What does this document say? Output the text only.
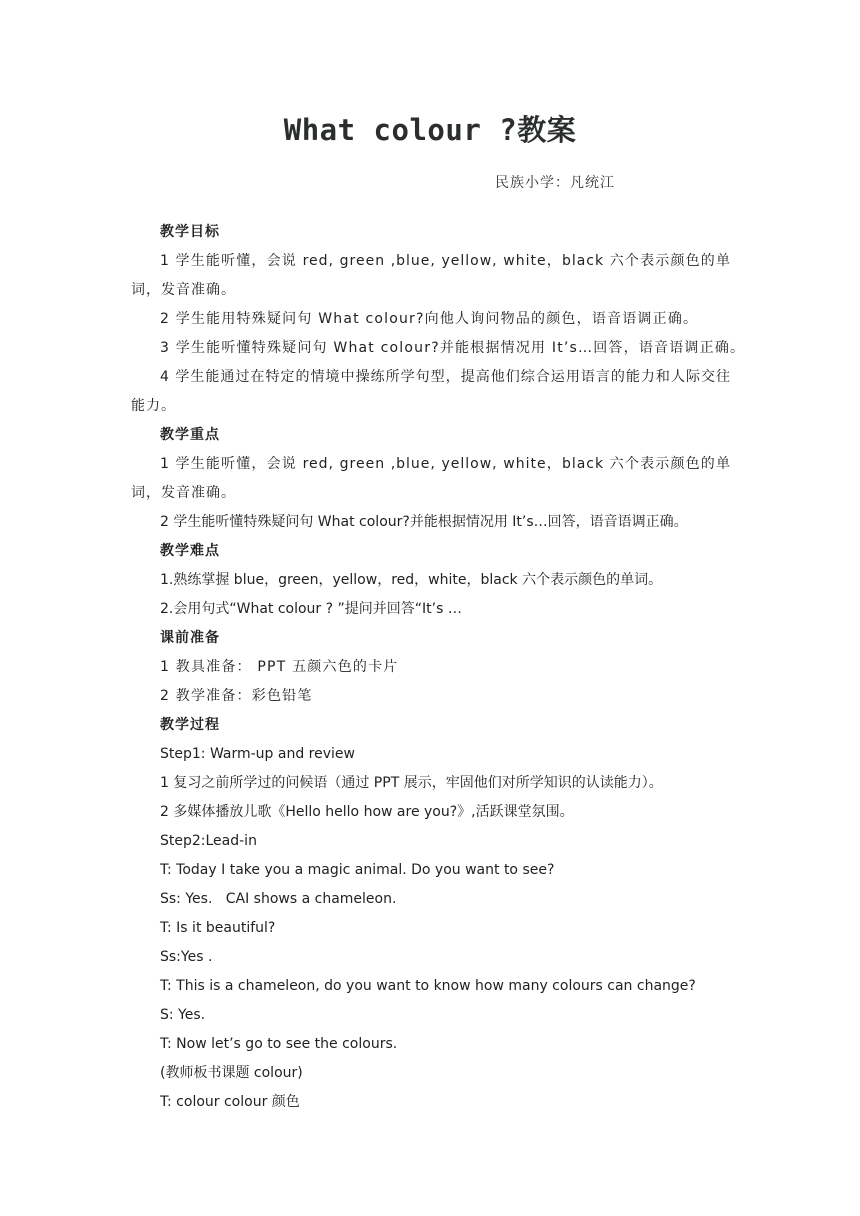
What colour ?教案
民族小学：凡统江
教学目标
1 学生能听懂，会说 red, green ,blue, yellow, white，black 六个表示颜色的单词，发音准确。
2 学生能用特殊疑问句 What colour?向他人询问物品的颜色，语音语调正确。
3 学生能听懂特殊疑问句 What colour?并能根据情况用 It’s…回答，语音语调正确。
4 学生能通过在特定的情境中操练所学句型，提高他们综合运用语言的能力和人际交往能力。
教学重点
1 学生能听懂，会说 red, green ,blue, yellow, white，black 六个表示颜色的单词，发音准确。
2 学生能听懂特殊疑问句 What colour?并能根据情况用 It’s…回答，语音语调正确。
教学难点
1.熟练掌握 blue，green，yellow，red，white，black 六个表示颜色的单词。
2.会用句式“What colour ? ”提问并回答“It’s …
课前准备
1 教具准备： PPT 五颜六色的卡片
2 教学准备：彩色铅笔
教学过程
Step1: Warm-up and review
1 复习之前所学过的问候语（通过 PPT 展示，牢固他们对所学知识的认读能力）。
2 多媒体播放儿歌《Hello hello how are you?》,活跃课堂氛围。
Step2:Lead-in
T: Today I take you a magic animal. Do you want to see?
Ss: Yes.   CAI shows a chameleon.
T: Is it beautiful?
Ss:Yes .
T: This is a chameleon, do you want to know how many colours can change?
S: Yes.
T: Now let’s go to see the colours.
(教师板书课题 colour)
T: colour colour 颜色
